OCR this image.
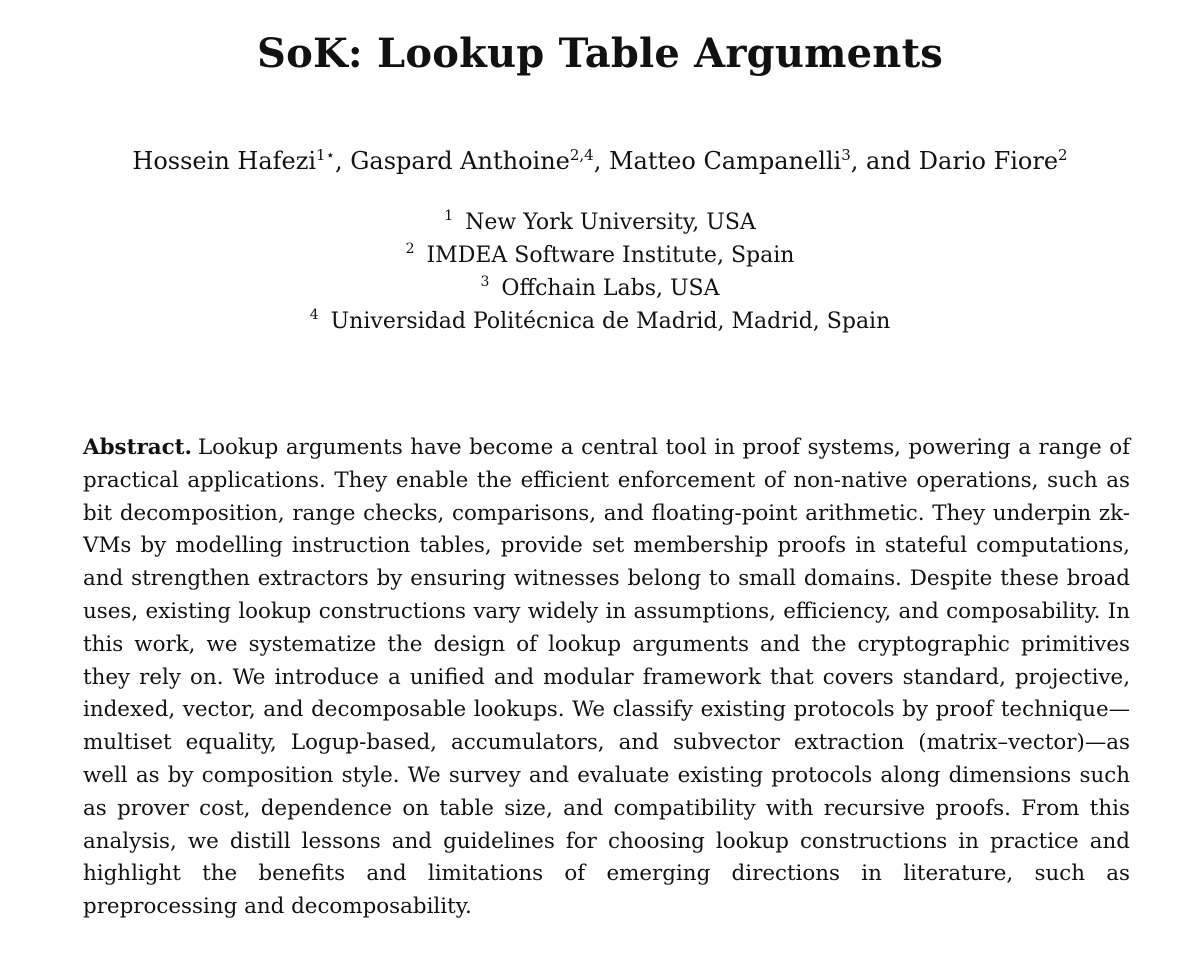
SoK: Lookup Table Arguments
Hossein Hafezi$^{1⋆}$, Gaspard Anthoine$^{2,4}$, Matteo Campanelli$^3$, and Dario Fiore$^2$
$^1$ New York University, USA
$^2$ IMDEA Software Institute, Spain
$^3$ Offchain Labs, USA
$^4$ Universidad Politécnica de Madrid, Madrid, Spain
Abstract. Lookup arguments have become a central tool in proof systems, powering a range of practical applications. They enable the efficient enforcement of non-native operations, such as bit decomposition, range checks, comparisons, and floating-point arithmetic. They underpin zk-VMs by modelling instruction tables, provide set membership proofs in stateful computations, and strengthen extractors by ensuring witnesses belong to small domains. Despite these broad uses, existing lookup constructions vary widely in assumptions, efficiency, and composability. In this work, we systematize the design of lookup arguments and the cryptographic primitives they rely on. We introduce a unified and modular framework that covers standard, projective, indexed, vector, and decomposable lookups. We classify existing protocols by proof technique—multiset equality, Logup-based, accumulators, and subvector extraction (matrix–vector)—as well as by composition style. We survey and evaluate existing protocols along dimensions such as prover cost, dependence on table size, and compatibility with recursive proofs. From this analysis, we distill lessons and guidelines for choosing lookup constructions in practice and highlight the benefits and limitations of emerging directions in literature, such as preprocessing and decomposability.
